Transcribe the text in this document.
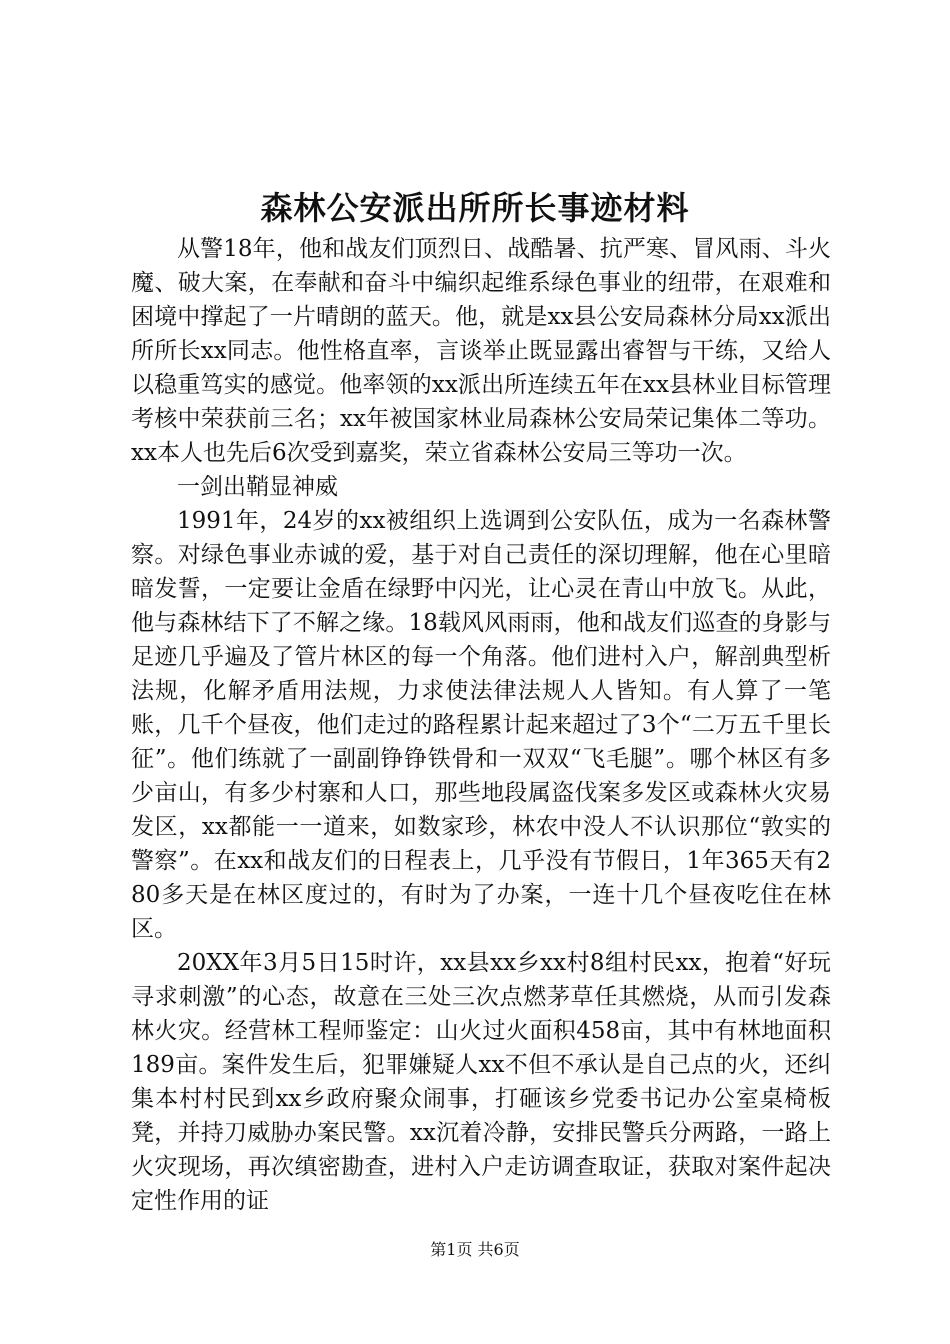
森林公安派出所所长事迹材料

从警18年，他和战友们顶烈日、战酷暑、抗严寒、冒风雨、斗火魔、破大案，在奉献和奋斗中编织起维系绿色事业的纽带，在艰难和困境中撑起了一片晴朗的蓝天。他，就是xx县公安局森林分局xx派出所所长xx同志。他性格直率，言谈举止既显露出睿智与干练，又给人以稳重笃实的感觉。他率领的xx派出所连续五年在xx县林业目标管理考核中荣获前三名；xx年被国家林业局森林公安局荣记集体二等功。xx本人也先后6次受到嘉奖，荣立省森林公安局三等功一次。

一剑出鞘显神威

1991年，24岁的xx被组织上选调到公安队伍，成为一名森林警察。对绿色事业赤诚的爱，基于对自己责任的深切理解，他在心里暗暗发誓，一定要让金盾在绿野中闪光，让心灵在青山中放飞。从此，他与森林结下了不解之缘。18载风风雨雨，他和战友们巡查的身影与足迹几乎遍及了管片林区的每一个角落。他们进村入户，解剖典型析法规，化解矛盾用法规，力求使法律法规人人皆知。有人算了一笔账，几千个昼夜，他们走过的路程累计起来超过了3个“二万五千里长征”。他们练就了一副副铮铮铁骨和一双双“飞毛腿”。哪个林区有多少亩山，有多少村寨和人口，那些地段属盗伐案多发区或森林火灾易发区，xx都能一一道来，如数家珍，林农中没人不认识那位“敦实的警察”。在xx和战友们的日程表上，几乎没有节假日，1年365天有280多天是在林区度过的，有时为了办案，一连十几个昼夜吃住在林区。

20XX年3月5日15时许，xx县xx乡xx村8组村民xx，抱着“好玩寻求刺激”的心态，故意在三处三次点燃茅草任其燃烧，从而引发森林火灾。经营林工程师鉴定：山火过火面积458亩，其中有林地面积189亩。案件发生后，犯罪嫌疑人xx不但不承认是自己点的火，还纠集本村村民到xx乡政府聚众闹事，打砸该乡党委书记办公室桌椅板凳，并持刀威胁办案民警。xx沉着冷静，安排民警兵分两路，一路上火灾现场，再次缜密勘查，进村入户走访调查取证，获取对案件起决定性作用的证

第1页 共6页
